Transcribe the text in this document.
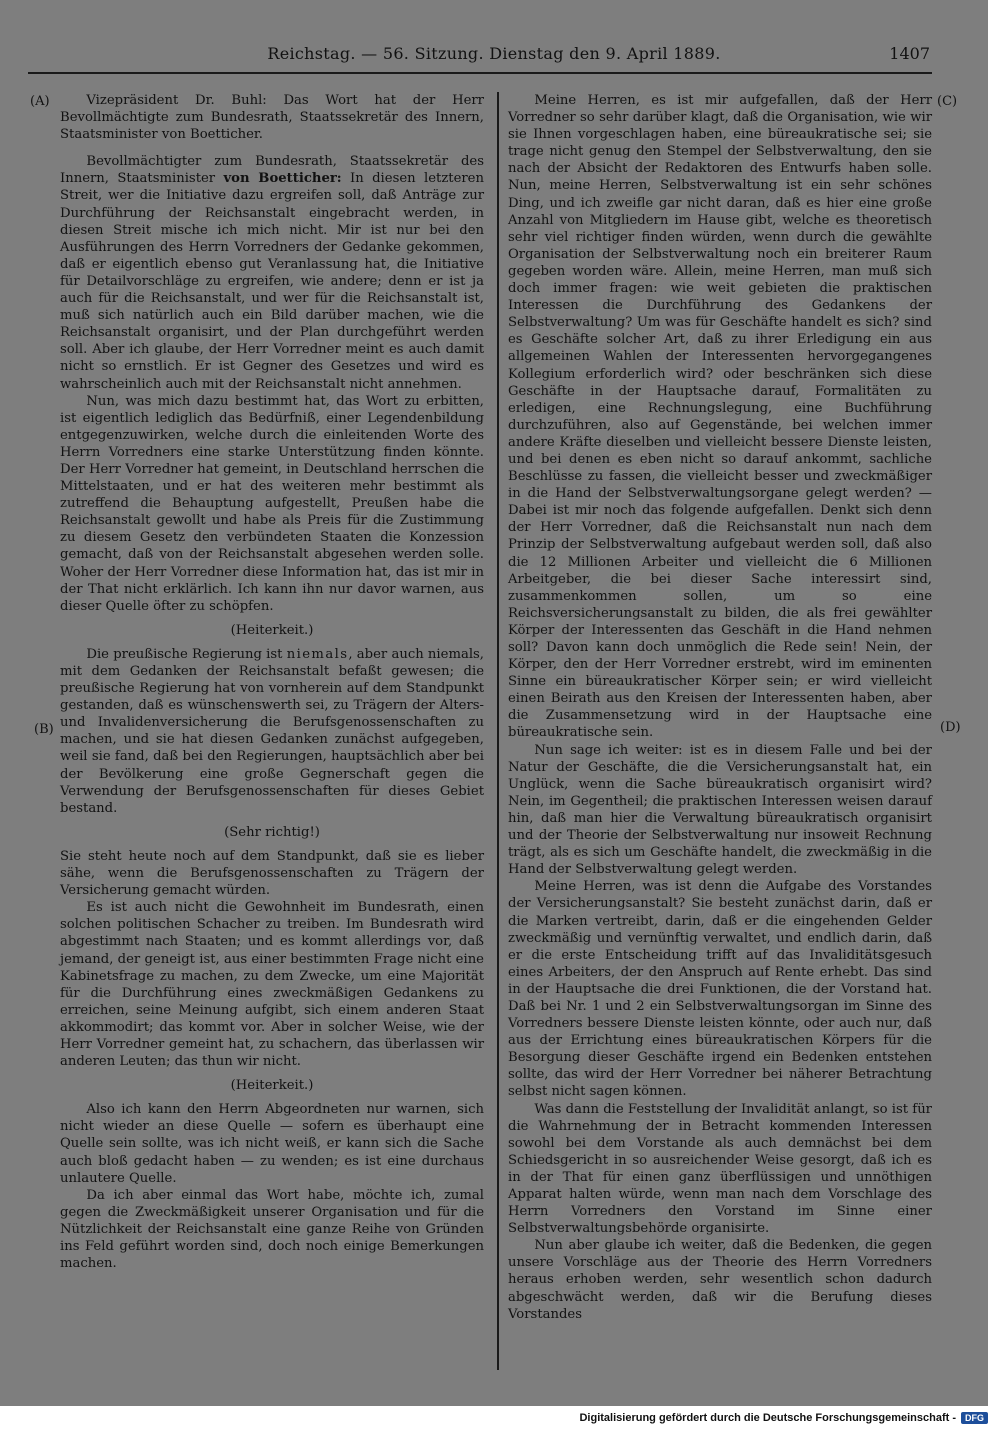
Reichstag. — 56. Sitzung. Dienstag den 9. April 1889.	1407
(A)
(B)
(C)
(D)

Vizepräsident Dr. Buhl: Das Wort hat der Herr Bevollmächtigte zum Bundesrath, Staatssekretär des Innern, Staatsminister von Boetticher.

Bevollmächtigter zum Bundesrath, Staatssekretär des Innern, Staatsminister von Boetticher: In diesen letzteren Streit, wer die Initiative dazu ergreifen soll, daß Anträge zur Durchführung der Reichsanstalt eingebracht werden, in diesen Streit mische ich mich nicht. Mir ist nur bei den Ausführungen des Herrn Vorredners der Gedanke gekommen, daß er eigentlich ebenso gut Veranlassung hat, die Initiative für Detailvorschläge zu ergreifen, wie andere; denn er ist ja auch für die Reichsanstalt, und wer für die Reichsanstalt ist, muß sich natürlich auch ein Bild darüber machen, wie die Reichsanstalt organisirt, und der Plan durchgeführt werden soll. Aber ich glaube, der Herr Vorredner meint es auch damit nicht so ernstlich. Er ist Gegner des Gesetzes und wird es wahrscheinlich auch mit der Reichsanstalt nicht annehmen.

Nun, was mich dazu bestimmt hat, das Wort zu erbitten, ist eigentlich lediglich das Bedürfniß, einer Legendenbildung entgegenzuwirken, welche durch die einleitenden Worte des Herrn Vorredners eine starke Unterstützung finden könnte. Der Herr Vorredner hat gemeint, in Deutschland herrschen die Mittelstaaten, und er hat des weiteren mehr bestimmt als zutreffend die Behauptung aufgestellt, Preußen habe die Reichsanstalt gewollt und habe als Preis für die Zustimmung zu diesem Gesetz den verbündeten Staaten die Konzession gemacht, daß von der Reichsanstalt abgesehen werden solle. Woher der Herr Vorredner diese Information hat, das ist mir in der That nicht erklärlich. Ich kann ihn nur davor warnen, aus dieser Quelle öfter zu schöpfen.

(Heiterkeit.)

Die preußische Regierung ist niemals, aber auch niemals, mit dem Gedanken der Reichsanstalt befaßt gewesen; die preußische Regierung hat von vornherein auf dem Standpunkt gestanden, daß es wünschenswerth sei, zu Trägern der Alters- und Invalidenversicherung die Berufsgenossenschaften zu machen, und sie hat diesen Gedanken zunächst aufgegeben, weil sie fand, daß bei den Regierungen, hauptsächlich aber bei der Bevölkerung eine große Gegnerschaft gegen die Verwendung der Berufsgenossenschaften für dieses Gebiet bestand.

(Sehr richtig!)

Sie steht heute noch auf dem Standpunkt, daß sie es lieber sähe, wenn die Berufsgenossenschaften zu Trägern der Versicherung gemacht würden.

Es ist auch nicht die Gewohnheit im Bundesrath, einen solchen politischen Schacher zu treiben. Im Bundesrath wird abgestimmt nach Staaten; und es kommt allerdings vor, daß jemand, der geneigt ist, aus einer bestimmten Frage nicht eine Kabinetsfrage zu machen, zu dem Zwecke, um eine Majorität für die Durchführung eines zweckmäßigen Gedankens zu erreichen, seine Meinung aufgibt, sich einem anderen Staat akkommodirt; das kommt vor. Aber in solcher Weise, wie der Herr Vorredner gemeint hat, zu schachern, das überlassen wir anderen Leuten; das thun wir nicht.

(Heiterkeit.)

Also ich kann den Herrn Abgeordneten nur warnen, sich nicht wieder an diese Quelle — sofern es überhaupt eine Quelle sein sollte, was ich nicht weiß, er kann sich die Sache auch bloß gedacht haben — zu wenden; es ist eine durchaus unlautere Quelle.

Da ich aber einmal das Wort habe, möchte ich, zumal gegen die Zweckmäßigkeit unserer Organisation und für die Nützlichkeit der Reichsanstalt eine ganze Reihe von Gründen ins Feld geführt worden sind, doch noch einige Bemerkungen machen.

Meine Herren, es ist mir aufgefallen, daß der Herr Vorredner so sehr darüber klagt, daß die Organisation, wie wir sie Ihnen vorgeschlagen haben, eine büreaukratische sei; sie trage nicht genug den Stempel der Selbstverwaltung, den sie nach der Absicht der Redaktoren des Entwurfs haben solle. Nun, meine Herren, Selbstverwaltung ist ein sehr schönes Ding, und ich zweifle gar nicht daran, daß es hier eine große Anzahl von Mitgliedern im Hause gibt, welche es theoretisch sehr viel richtiger finden würden, wenn durch die gewählte Organisation der Selbstverwaltung noch ein breiterer Raum gegeben worden wäre. Allein, meine Herren, man muß sich doch immer fragen: wie weit gebieten die praktischen Interessen die Durchführung des Gedankens der Selbstverwaltung? Um was für Geschäfte handelt es sich? sind es Geschäfte solcher Art, daß zu ihrer Erledigung ein aus allgemeinen Wahlen der Interessenten hervorgegangenes Kollegium erforderlich wird? oder beschränken sich diese Geschäfte in der Hauptsache darauf, Formalitäten zu erledigen, eine Rechnungslegung, eine Buchführung durchzuführen, also auf Gegenstände, bei welchen immer andere Kräfte dieselben und vielleicht bessere Dienste leisten, und bei denen es eben nicht so darauf ankommt, sachliche Beschlüsse zu fassen, die vielleicht besser und zweckmäßiger in die Hand der Selbstverwaltungsorgane gelegt werden? — Dabei ist mir noch das folgende aufgefallen. Denkt sich denn der Herr Vorredner, daß die Reichsanstalt nun nach dem Prinzip der Selbstverwaltung aufgebaut werden soll, daß also die 12 Millionen Arbeiter und vielleicht die 6 Millionen Arbeitgeber, die bei dieser Sache interessirt sind, zusammenkommen sollen, um so eine Reichsversicherungsanstalt zu bilden, die als frei gewählter Körper der Interessenten das Geschäft in die Hand nehmen soll? Davon kann doch unmöglich die Rede sein! Nein, der Körper, den der Herr Vorredner erstrebt, wird im eminenten Sinne ein büreaukratischer Körper sein; er wird vielleicht einen Beirath aus den Kreisen der Interessenten haben, aber die Zusammensetzung wird in der Hauptsache eine büreaukratische sein.

Nun sage ich weiter: ist es in diesem Falle und bei der Natur der Geschäfte, die die Versicherungsanstalt hat, ein Unglück, wenn die Sache büreaukratisch organisirt wird? Nein, im Gegentheil; die praktischen Interessen weisen darauf hin, daß man hier die Verwaltung büreaukratisch organisirt und der Theorie der Selbstverwaltung nur insoweit Rechnung trägt, als es sich um Geschäfte handelt, die zweckmäßig in die Hand der Selbstverwaltung gelegt werden.

Meine Herren, was ist denn die Aufgabe des Vorstandes der Versicherungsanstalt? Sie besteht zunächst darin, daß er die Marken vertreibt, darin, daß er die eingehenden Gelder zweckmäßig und vernünftig verwaltet, und endlich darin, daß er die erste Entscheidung trifft auf das Invaliditätsgesuch eines Arbeiters, der den Anspruch auf Rente erhebt. Das sind in der Hauptsache die drei Funktionen, die der Vorstand hat. Daß bei Nr. 1 und 2 ein Selbstverwaltungsorgan im Sinne des Vorredners bessere Dienste leisten könnte, oder auch nur, daß aus der Errichtung eines büreaukratischen Körpers für die Besorgung dieser Geschäfte irgend ein Bedenken entstehen sollte, das wird der Herr Vorredner bei näherer Betrachtung selbst nicht sagen können.

Was dann die Feststellung der Invalidität anlangt, so ist für die Wahrnehmung der in Betracht kommenden Interessen sowohl bei dem Vorstande als auch demnächst bei dem Schiedsgericht in so ausreichender Weise gesorgt, daß ich es in der That für einen ganz überflüssigen und unnöthigen Apparat halten würde, wenn man nach dem Vorschlage des Herrn Vorredners den Vorstand im Sinne einer Selbstverwaltungsbehörde organisirte.

Nun aber glaube ich weiter, daß die Bedenken, die gegen unsere Vorschläge aus der Theorie des Herrn Vorredners heraus erhoben werden, sehr wesentlich schon dadurch abgeschwächt werden, daß wir die Berufung dieses Vorstandes

Digitalisierung gefördert durch die Deutsche Forschungsgemeinschaft -	DFG
